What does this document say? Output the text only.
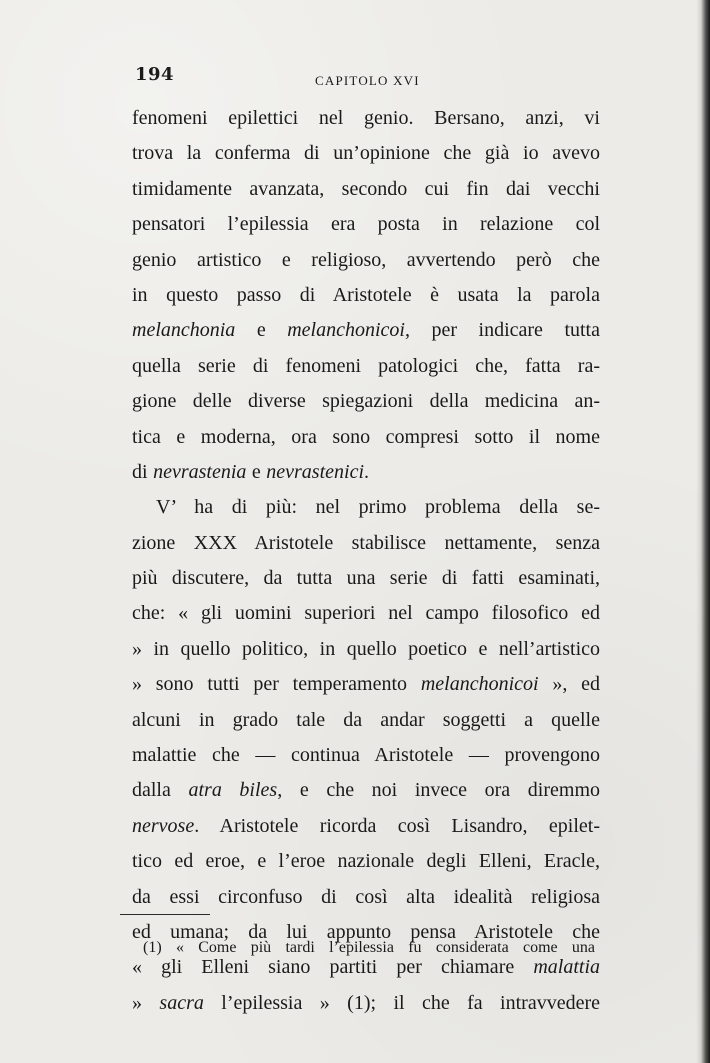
194	CAPITOLO XVI

fenomeni epilettici nel genio. Bersano, anzi, vi

trova la conferma di un’opinione che già io avevo

timidamente avanzata, secondo cui fin dai vecchi

pensatori l’epilessia era posta in relazione col

genio artistico e religioso, avvertendo però che

in questo passo di Aristotele è usata la parola

melanchonia e melanchonicoi, per indicare tutta

quella serie di fenomeni patologici che, fatta ra-

gione delle diverse spiegazioni della medicina an-

tica e moderna, ora sono compresi sotto il nome

di nevrastenia e nevrastenici.

V’ ha di più: nel primo problema della se-

zione XXX Aristotele stabilisce nettamente, senza

più discutere, da tutta una serie di fatti esaminati,

che: « gli uomini superiori nel campo filosofico ed

» in quello politico, in quello poetico e nell’artistico

» sono tutti per temperamento melanchonicoi », ed

alcuni in grado tale da andar soggetti a quelle

malattie che — continua Aristotele — provengono

dalla atra biles, e che noi invece ora diremmo

nervose. Aristotele ricorda così Lisandro, epilet-

tico ed eroe, e l’eroe nazionale degli Elleni, Eracle,

da essi circonfuso di così alta idealità religiosa

ed umana; da lui appunto pensa Aristotele che

« gli Elleni siano partiti per chiamare malattia

» sacra l’epilessia » (1); il che fa intravvedere

(1) « Come più tardi l’epilessia fu considerata come una
